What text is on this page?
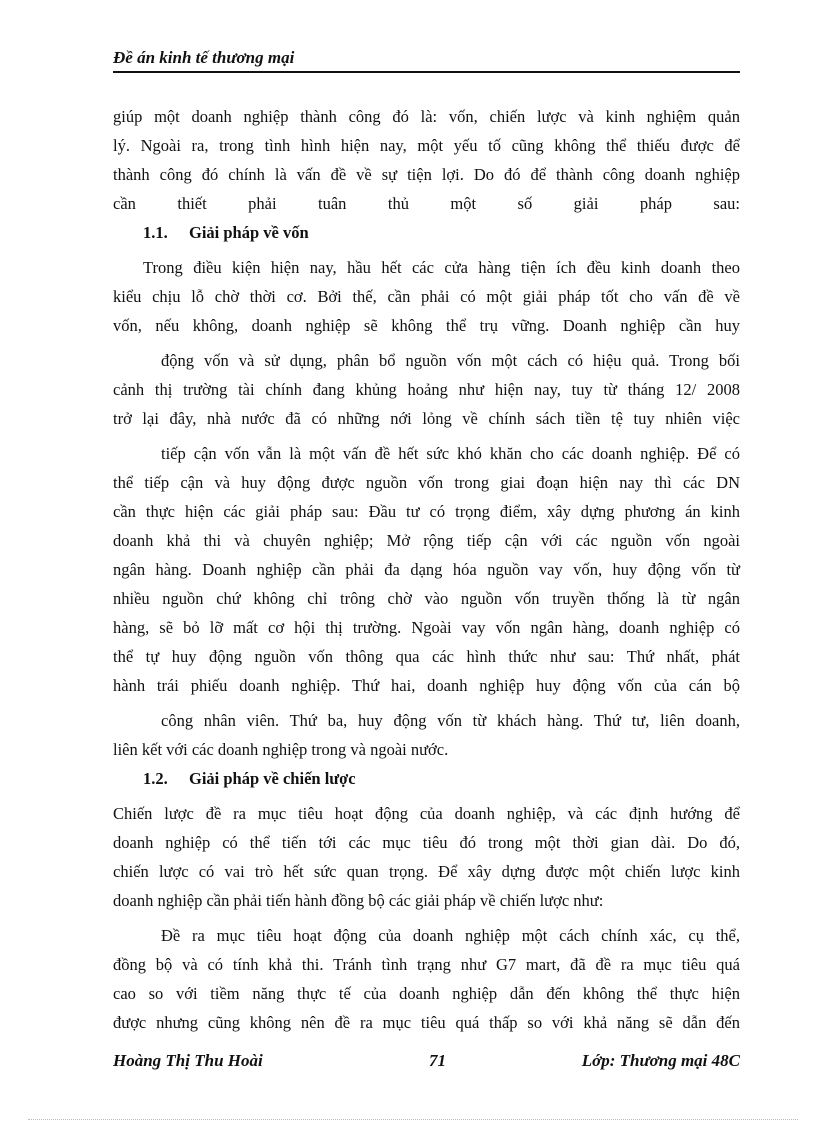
Đề án kinh tế thương mại
giúp một doanh nghiệp thành công đó là: vốn, chiến lược và kinh nghiệm quản
lý. Ngoài ra, trong tình hình hiện nay, một yếu tố cũng không thể thiếu được để
thành công đó chính là vấn đề về sự tiện lợi. Do đó để thành công doanh nghiệp
cần thiết phải tuân thủ một số giải pháp sau:
1.1. Giải pháp về vốn
Trong điều kiện hiện nay, hầu hết các cửa hàng tiện ích đều kinh doanh theo
kiểu chịu lỗ chờ thời cơ. Bởi thế, cần phải có một giải pháp tốt cho vấn đề về
vốn, nếu không, doanh nghiệp sẽ không thể trụ vững. Doanh nghiệp cần huy
động vốn và sử dụng, phân bổ nguồn vốn một cách có hiệu quả. Trong bối
cảnh thị trường tài chính đang khủng hoảng như hiện nay, tuy từ tháng 12/ 2008
trở lại đây, nhà nước đã có những nới lỏng về chính sách tiền tệ tuy nhiên việc
tiếp cận vốn vẫn là một vấn đề hết sức khó khăn cho các doanh nghiệp. Để có
thể tiếp cận và huy động được nguồn vốn trong giai đoạn hiện nay thì các DN
cần thực hiện các giải pháp sau: Đầu tư có trọng điểm, xây dựng phương án kinh
doanh khả thi và chuyên nghiệp; Mở rộng tiếp cận với các nguồn vốn ngoài
ngân hàng. Doanh nghiệp cần phải đa dạng hóa nguồn vay vốn, huy động vốn từ
nhiều nguồn chứ không chỉ trông chờ vào nguồn vốn truyền thống là từ ngân
hàng, sẽ bỏ lỡ mất cơ hội thị trường. Ngoài vay vốn ngân hàng, doanh nghiệp có
thể tự huy động nguồn vốn thông qua các hình thức như sau: Thứ nhất, phát
hành trái phiếu doanh nghiệp. Thứ hai, doanh nghiệp huy động vốn của cán bộ
công nhân viên. Thứ ba, huy động vốn từ khách hàng. Thứ tư, liên doanh,
liên kết với các doanh nghiệp trong và ngoài nước.
1.2. Giải pháp về chiến lược
Chiến lược đề ra mục tiêu hoạt động của doanh nghiệp, và các định hướng để
doanh nghiệp có thể tiến tới các mục tiêu đó trong một thời gian dài. Do đó,
chiến lược có vai trò hết sức quan trọng. Để xây dựng được một chiến lược kinh
doanh nghiệp cần phải tiến hành đồng bộ các giải pháp về chiến lược như:
Đề ra mục tiêu hoạt động của doanh nghiệp một cách chính xác, cụ thể,
đồng bộ và có tính khả thi. Tránh tình trạng như G7 mart, đã đề ra mục tiêu quá
cao so với tiềm năng thực tế của doanh nghiệp dẫn đến không thể thực hiện
được nhưng cũng không nên đề ra mục tiêu quá thấp so với khả năng sẽ dẫn đến
Hoàng Thị Thu Hoài	71	Lớp: Thương mại 48C
